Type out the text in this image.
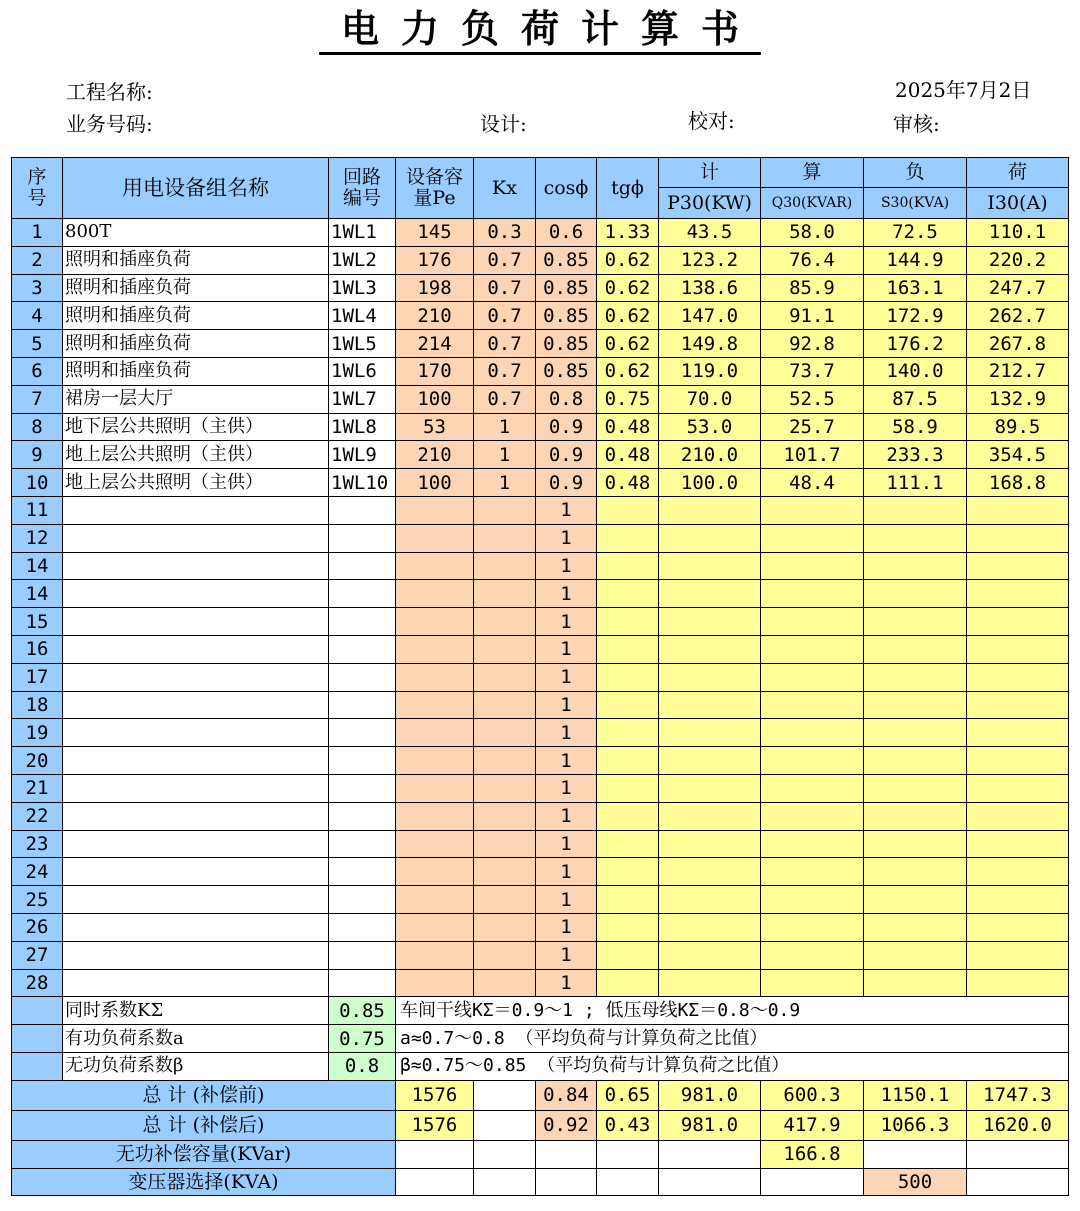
电力负荷计算书
工程名称:	2025年7月2日
业务号码:	设计:	校对:	审核:
序号	用电设备组名称	回路编号	设备容量Pe	Kx	cosϕ	tgϕ	计	算	负	荷
							P30(KW)	Q30(KVAR)	S30(KVA)	I30(A)
1	800T	1WL1	145	0.3	0.6	1.33	43.5	58.0	72.5	110.1
2	照明和插座负荷	1WL2	176	0.7	0.85	0.62	123.2	76.4	144.9	220.2
3	照明和插座负荷	1WL3	198	0.7	0.85	0.62	138.6	85.9	163.1	247.7
4	照明和插座负荷	1WL4	210	0.7	0.85	0.62	147.0	91.1	172.9	262.7
5	照明和插座负荷	1WL5	214	0.7	0.85	0.62	149.8	92.8	176.2	267.8
6	照明和插座负荷	1WL6	170	0.7	0.85	0.62	119.0	73.7	140.0	212.7
7	裙房一层大厅	1WL7	100	0.7	0.8	0.75	70.0	52.5	87.5	132.9
8	地下层公共照明（主供）	1WL8	53	1	0.9	0.48	53.0	25.7	58.9	89.5
9	地上层公共照明（主供）	1WL9	210	1	0.9	0.48	210.0	101.7	233.3	354.5
10	地上层公共照明（主供）	1WL10	100	1	0.9	0.48	100.0	48.4	111.1	168.8
11					1					
12					1					
14					1					
14					1					
15					1					
16					1					
17					1					
18					1					
19					1					
20					1					
21					1					
22					1					
23					1					
24					1					
25					1					
26					1					
27					1					
28					1					
	同时系数KΣ	0.85	车间干线KΣ＝0.9～1 ; 低压母线KΣ＝0.8～0.9							
	有功负荷系数a	0.75	a≈0.7～0.8 （平均负荷与计算负荷之比值）							
	无功负荷系数β	0.8	β≈0.75～0.85 （平均负荷与计算负荷之比值）							
总 计 (补偿前)			1576		0.84	0.65	981.0	600.3	1150.1	1747.3
总 计 (补偿后)			1576		0.92	0.43	981.0	417.9	1066.3	1620.0
无功补偿容量(KVar)								166.8		
变压器选择(KVA)									500	
